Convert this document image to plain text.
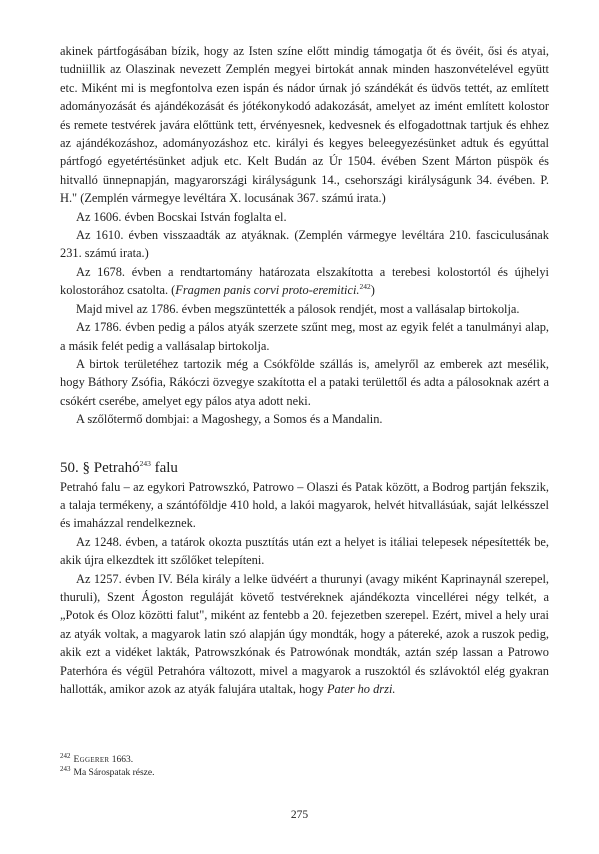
akinek pártfogásában bízik, hogy az Isten színe előtt mindig támogatja őt és övéit, ősi és atyai, tudniillik az Olaszinak nevezett Zemplén megyei birtokát annak minden haszonvételével együtt etc. Miként mi is megfontolva ezen ispán és nádor úrnak jó szándékát és üdvös tettét, az említett adományozását és ajándékozását és jótékonykodó adakozását, amelyet az imént említett kolostor és remete testvérek javára előttünk tett, érvényesnek, kedvesnek és elfogadottnak tartjuk és ehhez az ajándékozáshoz, adományozáshoz etc. királyi és kegyes beleegyezésünket adtuk és egyúttal pártfogó egyetértésünket adjuk etc. Kelt Budán az Úr 1504. évében Szent Márton püspök és hitvalló ünnepnapján, magyarországi királyságunk 14., csehországi királyságunk 34. évében. P. H." (Zemplén vármegye levéltára X. locusának 367. számú irata.)

Az 1606. évben Bocskai István foglalta el.

Az 1610. évben visszaadták az atyáknak. (Zemplén vármegye levéltára 210. fasciculusának 231. számú irata.)

Az 1678. évben a rendtartomány határozata elszakította a terebesi kolostortól és újhelyi kolostorához csatolta. (Fragmen panis corvi proto-eremitici.$^{242}$)

Majd mivel az 1786. évben megszüntették a pálosok rendjét, most a vallásalap birtokolja.

Az 1786. évben pedig a pálos atyák szerzete szűnt meg, most az egyik felét a tanulmányi alap, a másik felét pedig a vallásalap birtokolja.

A birtok területéhez tartozik még a Csókfölde szállás is, amelyről az emberek azt mesélik, hogy Báthory Zsófia, Rákóczi özvegye szakította el a pataki területtől és adta a pálosoknak azért a csókért cserébe, amelyet egy pálos atya adott neki.

A szőlőtermő dombjai: a Magoshegy, a Somos és a Mandalin.

50. § Petrahó$^{243}$ falu

Petrahó falu – az egykori Patrowszkó, Patrowo – Olaszi és Patak között, a Bodrog partján fekszik, a talaja termékeny, a szántóföldje 410 hold, a lakói magyarok, helvét hitvallásúak, saját lelkésszel és imaházzal rendelkeznek.

Az 1248. évben, a tatárok okozta pusztítás után ezt a helyet is itáliai telepesek népesítették be, akik újra elkezdtek itt szőlőket telepíteni.

Az 1257. évben IV. Béla király a lelke üdvéért a thurunyi (avagy miként Kaprinaynál szerepel, thuruli), Szent Ágoston reguláját követő testvéreknek ajándékozta vincellérei négy telkét, a „Potok és Oloz közötti falut", miként az fentebb a 20. fejezetben szerepel. Ezért, mivel a hely urai az atyák voltak, a magyarok latin szó alapján úgy mondták, hogy a pátereké, azok a ruszok pedig, akik ezt a vidéket lakták, Patrowszkónak és Patrowónak mondták, aztán szép lassan a Patrowo Paterhóra és végül Petrahóra változott, mivel a magyarok a ruszoktól és szlávoktól elég gyakran hallották, amikor azok az atyák falujára utaltak, hogy Pater ho drzi.

$^{242}$ Eggerer 1663.

$^{243}$ Ma Sárospatak része.

275
